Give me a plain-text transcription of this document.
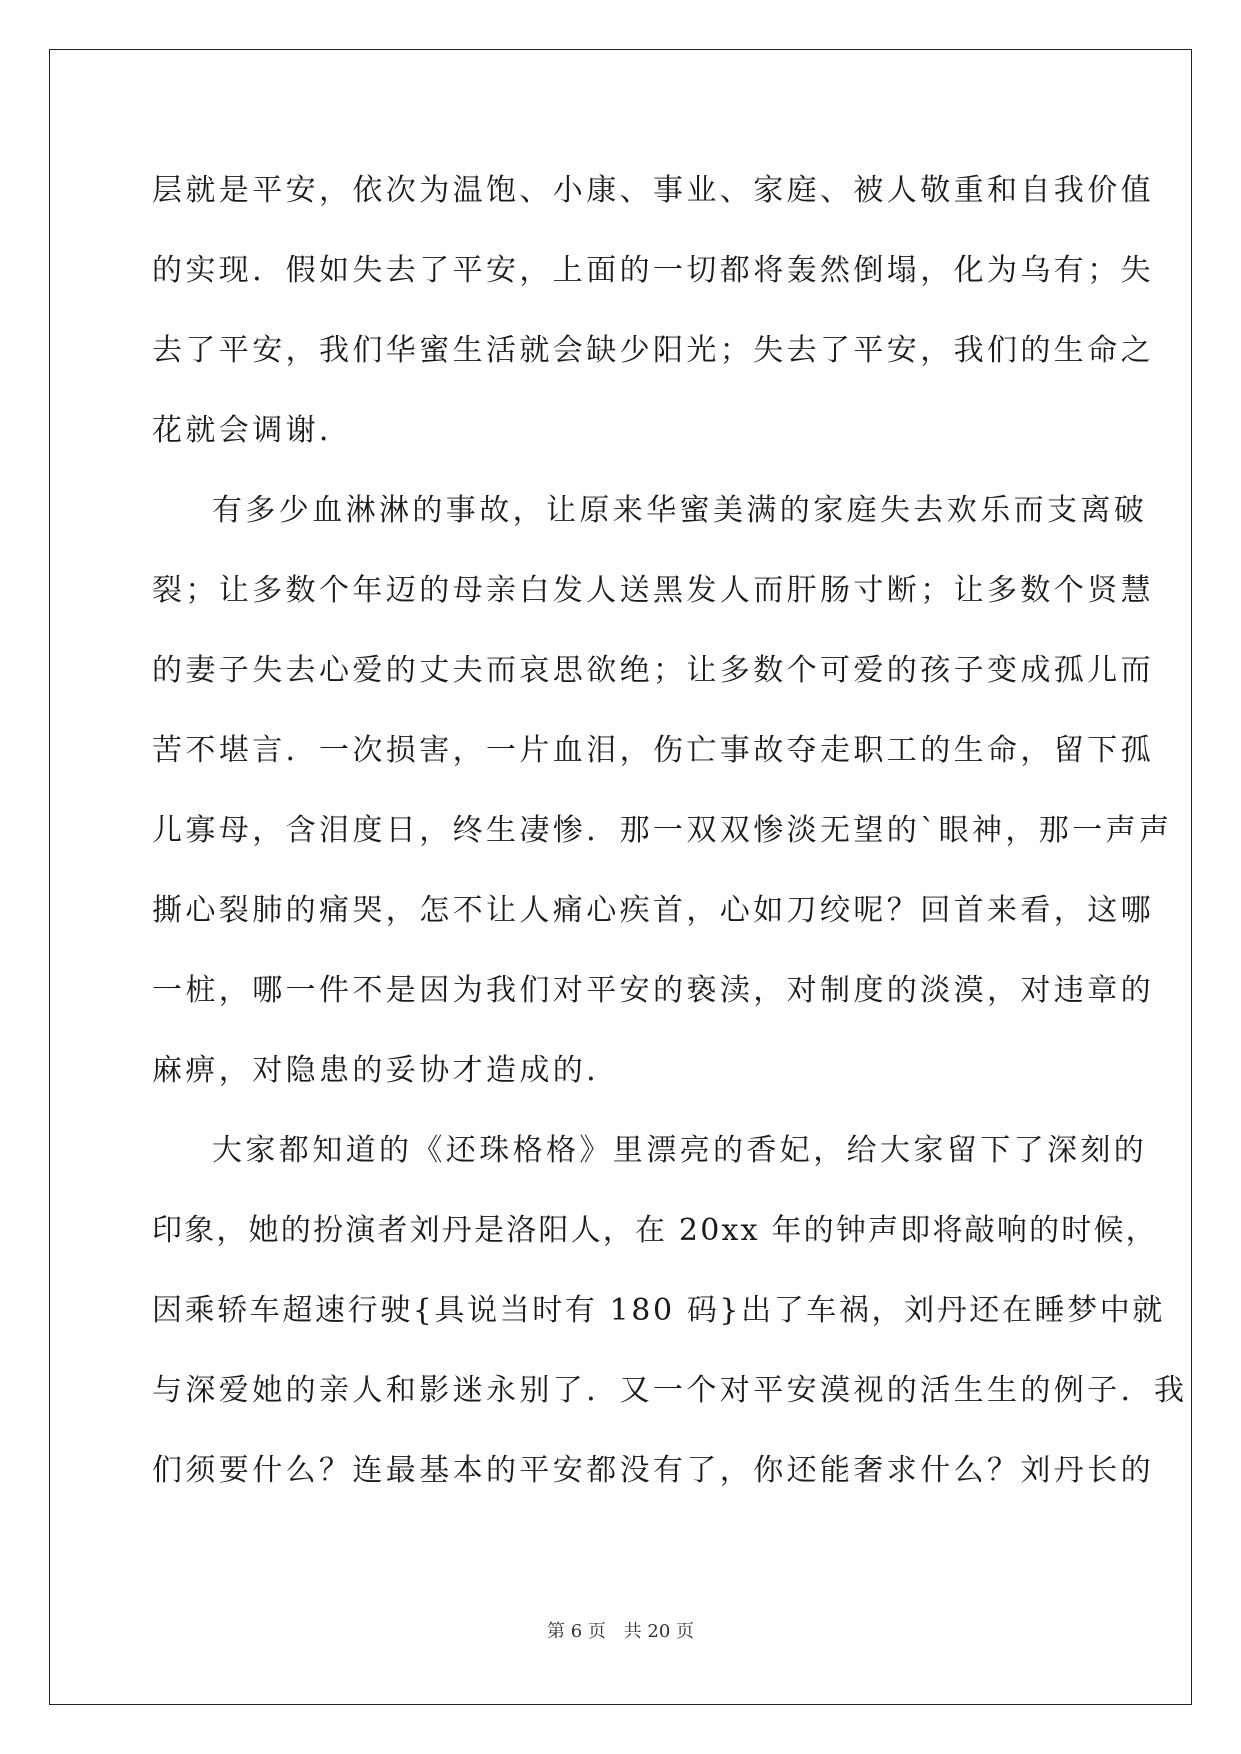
层就是平安，依次为温饱、小康、事业、家庭、被人敬重和自我价值
的实现．假如失去了平安，上面的一切都将轰然倒塌，化为乌有；失
去了平安，我们华蜜生活就会缺少阳光；失去了平安，我们的生命之
花就会调谢．
有多少血淋淋的事故，让原来华蜜美满的家庭失去欢乐而支离破
裂；让多数个年迈的母亲白发人送黑发人而肝肠寸断；让多数个贤慧
的妻子失去心爱的丈夫而哀思欲绝；让多数个可爱的孩子变成孤儿而
苦不堪言．一次损害，一片血泪，伤亡事故夺走职工的生命，留下孤
儿寡母，含泪度日，终生凄惨．那一双双惨淡无望的`眼神，那一声声
撕心裂肺的痛哭，怎不让人痛心疾首，心如刀绞呢？回首来看，这哪
一桩，哪一件不是因为我们对平安的亵渎，对制度的淡漠，对违章的
麻痹，对隐患的妥协才造成的．
大家都知道的《还珠格格》里漂亮的香妃，给大家留下了深刻的
印象，她的扮演者刘丹是洛阳人，在 20xx 年的钟声即将敲响的时候，
因乘轿车超速行驶{具说当时有 180 码}出了车祸，刘丹还在睡梦中就
与深爱她的亲人和影迷永别了．又一个对平安漠视的活生生的例子．我
们须要什么？连最基本的平安都没有了，你还能奢求什么？刘丹长的
第 6 页 共 20 页
